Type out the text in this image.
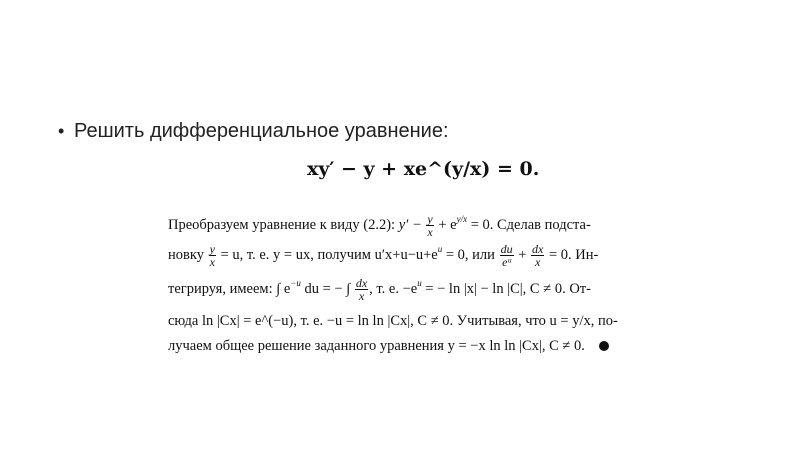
• Решить дифференциальное уравнение:
xy′ − y + xe^(y/x) = 0.
Преобразуем уравнение к виду (2.2): $y' - \frac{y}{x} + e^{y/x} = 0$. Сделав подста-
новку $\frac{y}{x} = u$, т. е. y = ux, получим $u'x+u-u+e^u = 0$, или $\frac{du}{\text{eᵘ}} + \frac{dx}{x} = 0$. Ин-
тегрируя, имеем: ∫ $e^{-u}$ du = − ∫ $\frac{dx}{x}$ , т. е. $-e^u$ = − ln |x| − ln |C|, C ≠ 0. От-
сюда ln |Cx| = e^(−u), т. е. −u = ln ln |Cx|, C ≠ 0. Учитывая, что u = y/x, по-
лучаем общее решение заданного уравнения y = −x ln ln |Cx|, C ≠ 0.
